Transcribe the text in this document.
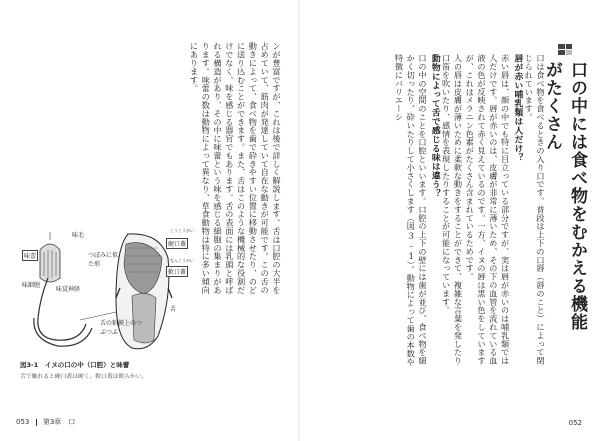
ンが豊富ですが、これは後で詳しく解説します。舌は口腔の大半を占めていて、筋肉が発達していて自在な動きが可能です。この舌の動きによって、食べ物を歯で砕きやすい位置に移動させたり、のどに送り込むことができます。また、舌はこのような機械的な役割だけでなく、味を感じる器官でもあります。舌の表面には乳頭と呼ばれる構造があり、その中に味蕾という味を感じる細胞の集まりがあります。味蕾の数は動物によって異なり、草食動物は特に多い傾向にあります。
味毛
味蕾	つぼみに似た形
味細胞
味覚神経
こうこうがい
硬口蓋
なんこうがい
軟口蓋
舌
舌の粘膜上のつぶつぶ
図3-1　イヌの口の中（口腔）と味蕾
舌で触れると硬口蓋は硬く、軟口蓋は軟らかい。
053 第3章　口
口の中には食べ物をむかえる機能がたくさん
口は食べ物を食べるときの入り口です。普段は上下の口唇（唇のこと）によって閉じられています。
唇が赤い哺乳類は人だけ？
赤い唇は、顔の中でも特に目立っている部分ですが、実は唇が赤いのは哺乳類では人だけです。唇が赤いのは、皮膚が非常に薄いため、その下の血管を流れている血液の色が反映されて赤く見えているのです。一方、イヌの唇は黒い色をしていますが、これはメラニン色素がたくさん含まれているためです。
人の唇は皮膚が薄いために柔軟な動きをすることができて、複雑な言葉を発したり口笛を吹いたり、感情を表現したりすることが可能になっています。
動物によって舌で感じる味は違う？
口の中の空間のことを口腔といいます。口腔の上下の壁には歯が並び、食べ物を細かく切ったり、砕いたりして小さくします（図3-1）。動物によって歯の本数や特徴にバリエーシ
052
